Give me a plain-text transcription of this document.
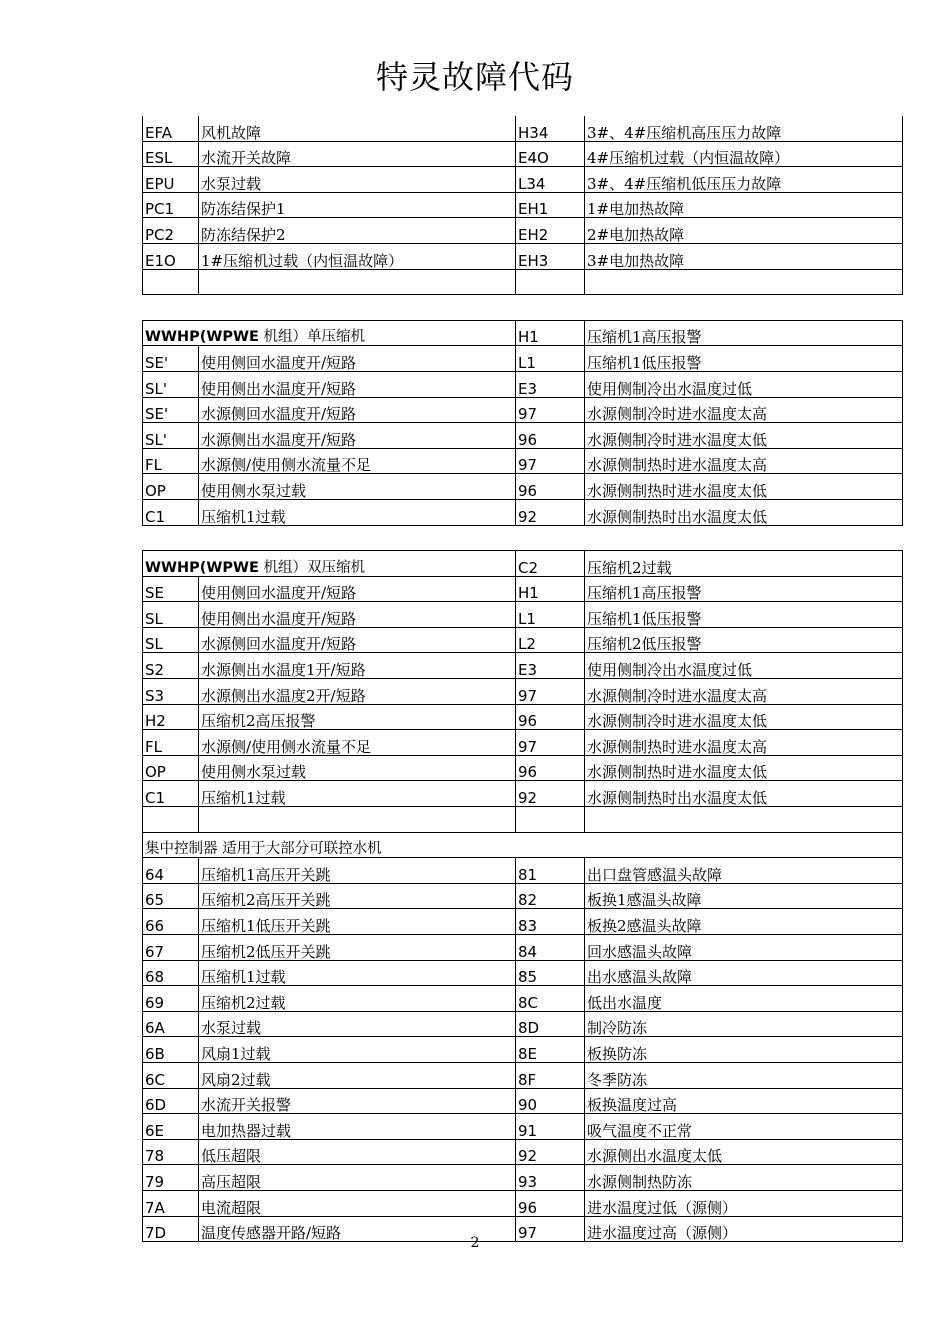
特灵故障代码
EFA	风机故障	H34	3#、4#压缩机高压压力故障
ESL	水流开关故障	E4O	4#压缩机过载（内恒温故障）
EPU	水泵过载	L34	3#、4#压缩机低压压力故障
PC1	防冻结保护1	EH1	1#电加热故障
PC2	防冻结保护2	EH2	2#电加热故障
E1O	1#压缩机过载（内恒温故障）	EH3	3#电加热故障

WWHP(WPWE 机组）单压缩机		H1	压缩机1高压报警
SE'	使用侧回水温度开/短路	L1	压缩机1低压报警
SL'	使用侧出水温度开/短路	E3	使用侧制冷出水温度过低
SE'	水源侧回水温度开/短路	97	水源侧制冷时进水温度太高
SL'	水源侧出水温度开/短路	96	水源侧制冷时进水温度太低
FL	水源侧/使用侧水流量不足	97	水源侧制热时进水温度太高
OP	使用侧水泵过载	96	水源侧制热时进水温度太低
C1	压缩机1过载	92	水源侧制热时出水温度太低

WWHP(WPWE 机组）双压缩机		C2	压缩机2过载
SE	使用侧回水温度开/短路	H1	压缩机1高压报警
SL	使用侧出水温度开/短路	L1	压缩机1低压报警
SL	水源侧回水温度开/短路	L2	压缩机2低压报警
S2	水源侧出水温度1开/短路	E3	使用侧制冷出水温度过低
S3	水源侧出水温度2开/短路	97	水源侧制冷时进水温度太高
H2	压缩机2高压报警	96	水源侧制冷时进水温度太低
FL	水源侧/使用侧水流量不足	97	水源侧制热时进水温度太高
OP	使用侧水泵过载	96	水源侧制热时进水温度太低
C1	压缩机1过载	92	水源侧制热时出水温度太低

集中控制器 适用于大部分可联控水机			
64	压缩机1高压开关跳	81	出口盘管感温头故障
65	压缩机2高压开关跳	82	板换1感温头故障
66	压缩机1低压开关跳	83	板换2感温头故障
67	压缩机2低压开关跳	84	回水感温头故障
68	压缩机1过载	85	出水感温头故障
69	压缩机2过载	8C	低出水温度
6A	水泵过载	8D	制冷防冻
6B	风扇1过载	8E	板换防冻
6C	风扇2过载	8F	冬季防冻
6D	水流开关报警	90	板换温度过高
6E	电加热器过载	91	吸气温度不正常
78	低压超限	92	水源侧出水温度太低
79	高压超限	93	水源侧制热防冻
7A	电流超限	96	进水温度过低（源侧）
7D	温度传感器开路/短路	97	进水温度过高（源侧）
2
